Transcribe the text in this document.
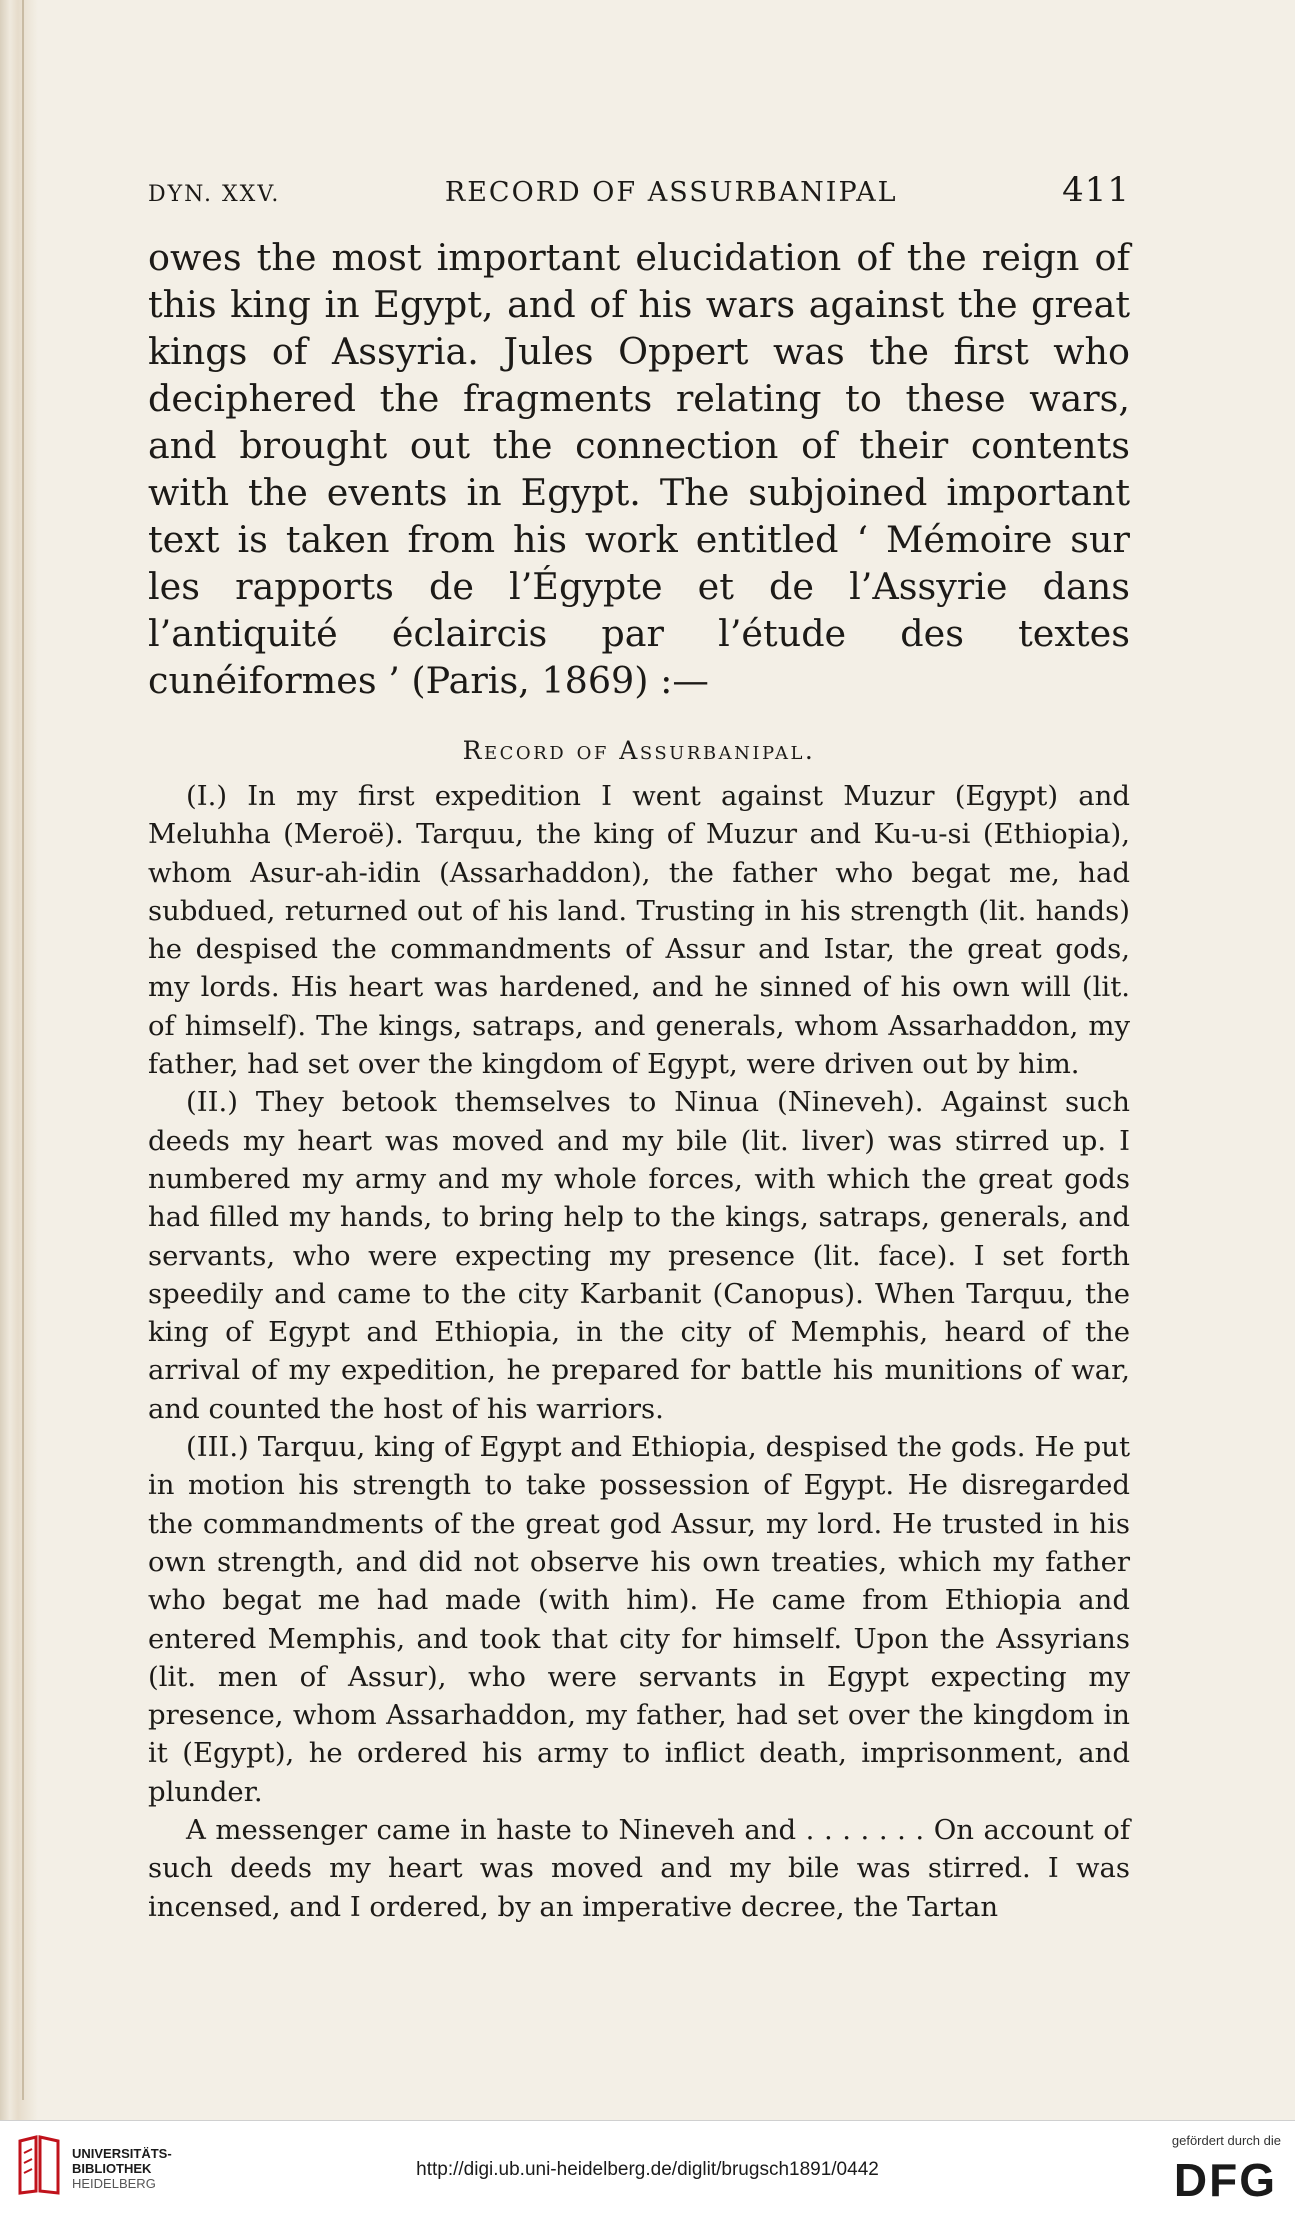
DYN. XXV.	RECORD OF ASSURBANIPAL	411

owes the most important elucidation of the reign of this king in Egypt, and of his wars against the great kings of Assyria. Jules Oppert was the first who deciphered the fragments relating to these wars, and brought out the connection of their contents with the events in Egypt. The subjoined important text is taken from his work entitled ‘ Mémoire sur les rapports de l’Égypte et de l’Assyrie dans l’antiquité éclaircis par l’étude des textes cunéiformes ’ (Paris, 1869) :—

Record of Assurbanipal.

(I.) In my first expedition I went against Muzur (Egypt) and Meluhha (Meroë). Tarquu, the king of Muzur and Ku-u-si (Ethiopia), whom Asur-ah-idin (Assarhaddon), the father who begat me, had subdued, returned out of his land. Trusting in his strength (lit. hands) he despised the commandments of Assur and Istar, the great gods, my lords. His heart was hardened, and he sinned of his own will (lit. of himself). The kings, satraps, and generals, whom Assarhaddon, my father, had set over the kingdom of Egypt, were driven out by him.

(II.) They betook themselves to Ninua (Nineveh). Against such deeds my heart was moved and my bile (lit. liver) was stirred up. I numbered my army and my whole forces, with which the great gods had filled my hands, to bring help to the kings, satraps, generals, and servants, who were expecting my presence (lit. face). I set forth speedily and came to the city Karbanit (Canopus). When Tarquu, the king of Egypt and Ethiopia, in the city of Memphis, heard of the arrival of my expedition, he prepared for battle his munitions of war, and counted the host of his warriors.

(III.) Tarquu, king of Egypt and Ethiopia, despised the gods. He put in motion his strength to take possession of Egypt. He disregarded the commandments of the great god Assur, my lord. He trusted in his own strength, and did not observe his own treaties, which my father who begat me had made (with him). He came from Ethiopia and entered Memphis, and took that city for himself. Upon the Assyrians (lit. men of Assur), who were servants in Egypt expecting my presence, whom Assarhaddon, my father, had set over the kingdom in it (Egypt), he ordered his army to inflict death, imprisonment, and plunder.

A messenger came in haste to Nineveh and . . . . . . . On account of such deeds my heart was moved and my bile was stirred. I was incensed, and I ordered, by an imperative decree, the Tartan

UNIVERSITÄTS-
BIBLIOTHEK
HEIDELBERG
http://digi.ub.uni-heidelberg.de/diglit/brugsch1891/0442
gefördert durch die
DFG
